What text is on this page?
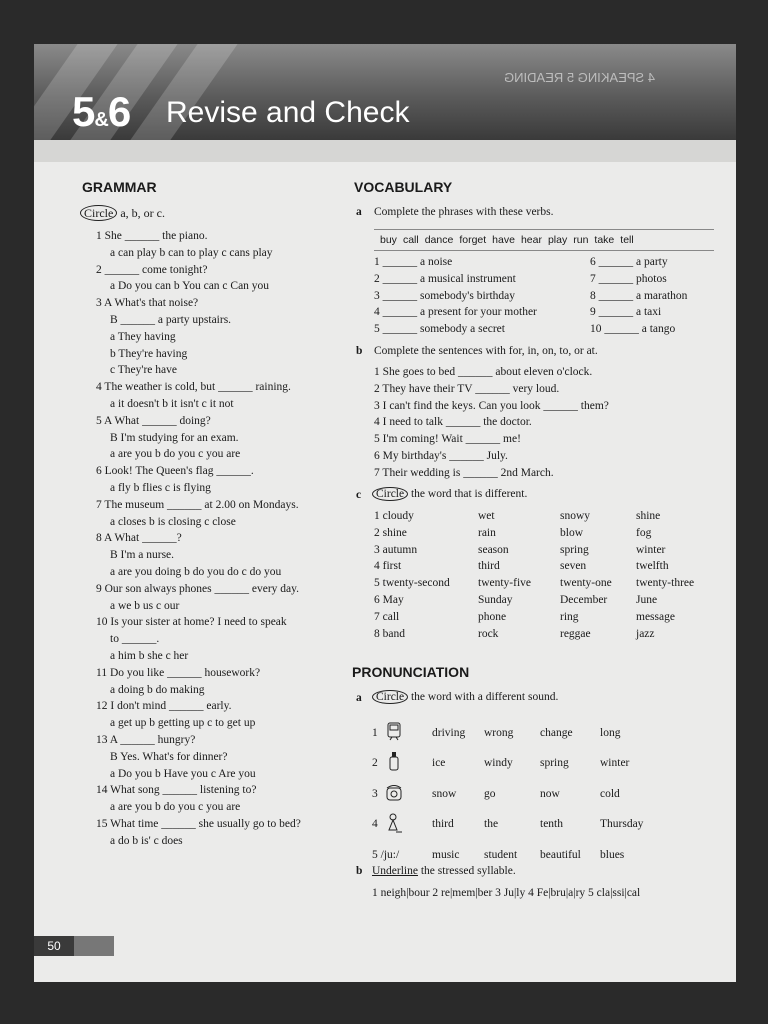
4 SPEAKING 5 READING
5&6 Revise and Check
GRAMMAR
Circle a, b, or c.
VOCABULARY
a Complete the phrases with these verbs.
buy call dance forget have hear play run take tell
b Complete the sentences with for, in, on, to, or at.
c	Circle the word that is different.
PRONUNCIATION
a	Circle the word with a different sound.
b Underline the stressed syllable.
1 neigh|bour 2 re|mem|ber 3 Ju|ly 4 Fe|bru|a|ry 5 cla|ssi|cal
50
1 She ______ the piano.
a can play b can to play c cans play
2 ______ come tonight?
a Do you can b You can c Can you
3 A What's that noise?
B ______ a party upstairs.
a They having
b They're having
c They're have
4 The weather is cold, but ______ raining.
a it doesn't b it isn't c it not
5 A What ______ doing?
B I'm studying for an exam.
a are you b do you c you are
6 Look! The Queen's flag ______.
a fly b flies c is flying
7 The museum ______ at 2.00 on Mondays.
a closes b is closing c close
8 A What ______?
B I'm a nurse.
a are you doing b do you do c do you
9 Our son always phones ______ every day.
a we b us c our
10 Is your sister at home? I need to speak
to ______.
a him b she c her
11 Do you like ______ housework?
a doing b do making
12 I don't mind ______ early.
a get up b getting up c to get up
13 A ______ hungry?
B Yes. What's for dinner?
a Do you b Have you c Are you
14 What song ______ listening to?
a are you b do you c you are
15 What time ______ she usually go to bed?
a do b is' c does
1 ______ a noise
2 ______ a musical instrument
3 ______ somebody's birthday
4 ______ a present for your mother
5 ______ somebody a secret
6 ______ a party
7 ______ photos
8 ______ a marathon
9 ______ a taxi
10 ______ a tango
1 She goes to bed ______ about eleven o'clock.
2 They have their TV ______ very loud.
3 I can't find the keys. Can you look ______ them?
4 I need to talk ______ the doctor.
5 I'm coming! Wait ______ me!
6 My birthday's ______ July.
7 Their wedding is ______ 2nd March.
1 cloudy	wet	snowy	shine
2 shine	rain	blow	fog
3 autumn	season	spring	winter
4 first	third	seven	twelfth
5 twenty-second twenty-five	twenty-one twenty-three
6 May	Sunday	December	June
7 call	phone	ring	message
8 band	rock	reggae	jazz
1	driving wrong change long
2	ice	windy spring	winter
3	snow go	now	cold
4	third	the	tenth	Thursday
5 /ju:/	music student beautiful blues
